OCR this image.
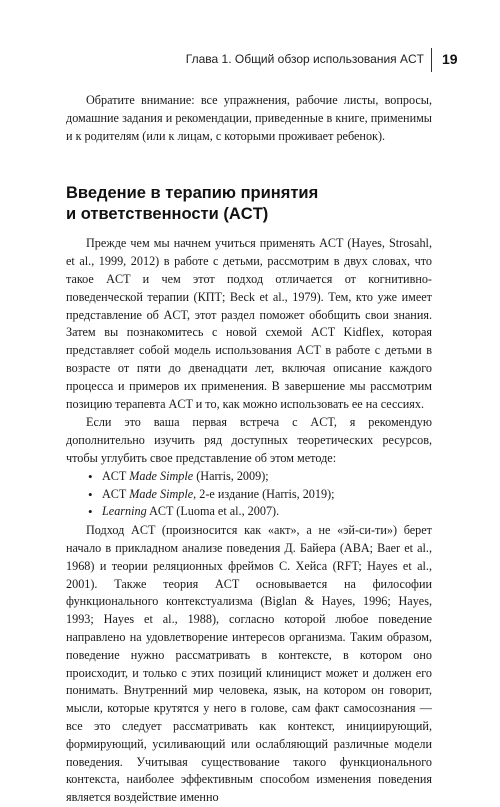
Глава 1. Общий обзор использования ACT 19

Обратите внимание: все упражнения, рабочие листы, вопросы, домашние задания и рекомендации, приведенные в книге, применимы и к родителям (или к лицам, с которыми проживает ребенок).

Введение в терапию принятия
и ответственности (ACT)

Прежде чем мы начнем учиться применять ACT (Hayes, Strosahl, et al., 1999, 2012) в работе с детьми, рассмотрим в двух словах, что такое ACT и чем этот подход отличается от когнитивно-поведенческой терапии (КПТ; Beck et al., 1979). Тем, кто уже имеет представление об ACT, этот раздел поможет обобщить свои знания. Затем вы познакомитесь с новой схемой ACT Kidflex, которая представляет собой модель использования ACT в работе с детьми в возрасте от пяти до двенадцати лет, включая описание каждого процесса и примеров их применения. В завершение мы рассмотрим позицию терапевта ACT и то, как можно использовать ее на сессиях.

Если это ваша первая встреча с ACT, я рекомендую дополнительно изучить ряд доступных теоретических ресурсов, чтобы углубить свое представление об этом методе:

• ACT Made Simple (Harris, 2009);
• ACT Made Simple, 2-е издание (Harris, 2019);
• Learning ACT (Luoma et al., 2007).

Подход ACT (произносится как «акт», а не «эй-си-ти») берет начало в прикладном анализе поведения Д. Байера (ABA; Baer et al., 1968) и теории реляционных фреймов С. Хейса (RFT; Hayes et al., 2001). Также теория ACT основывается на философии функционального контекстуализма (Biglan & Hayes, 1996; Hayes, 1993; Hayes et al., 1988), согласно которой любое поведение направлено на удовлетворение интересов организма. Таким образом, поведение нужно рассматривать в контексте, в котором оно происходит, и только с этих позиций клиницист может и должен его понимать. Внутренний мир человека, язык, на котором он говорит, мысли, которые крутятся у него в голове, сам факт самосознания — все это следует рассматривать как контекст, инициирующий, формирующий, усиливающий или ослабляющий различные модели поведения. Учитывая существование такого функционального контекста, наиболее эффективным способом изменения поведения является воздействие именно
